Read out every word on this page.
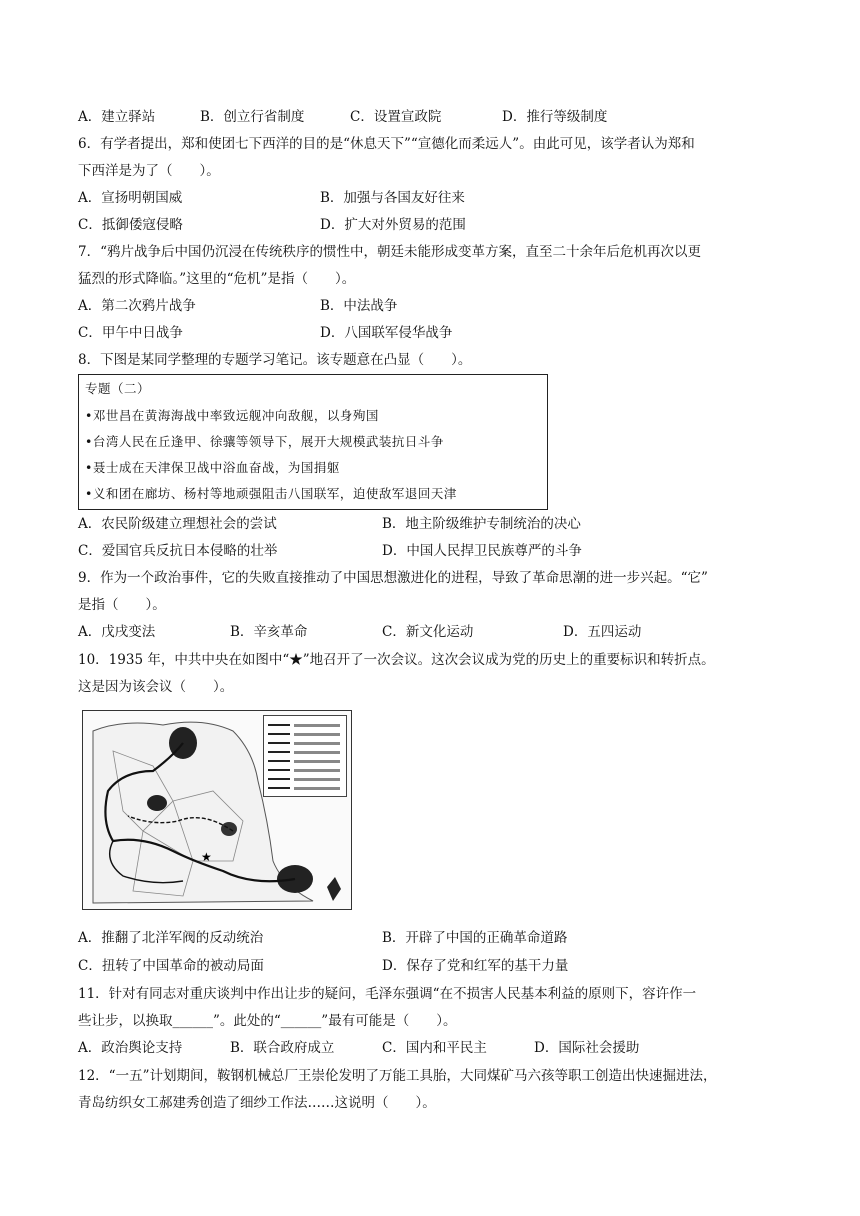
A．建立驿站	B．创立行省制度	C．设置宣政院	D．推行等级制度
6．有学者提出，郑和使团七下西洋的目的是“休息天下”“宣德化而柔远人”。由此可见，该学者认为郑和
下西洋是为了（　　）。
A．宣扬明朝国威	B．加强与各国友好往来
C．抵御倭寇侵略	D．扩大对外贸易的范围
7．“鸦片战争后中国仍沉浸在传统秩序的惯性中，朝廷未能形成变革方案，直至二十余年后危机再次以更
猛烈的形式降临。”这里的“危机”是指（　　）。
A．第二次鸦片战争	B．中法战争
C．甲午中日战争	D．八国联军侵华战争
8．下图是某同学整理的专题学习笔记。该专题意在凸显（　　）。
专题（二）
•邓世昌在黄海海战中率致远舰冲向敌舰，以身殉国
•台湾人民在丘逢甲、徐骧等领导下，展开大规模武装抗日斗争
•聂士成在天津保卫战中浴血奋战，为国捐躯
•义和团在廊坊、杨村等地顽强阻击八国联军，迫使敌军退回天津
A．农民阶级建立理想社会的尝试	B．地主阶级维护专制统治的决心
C．爱国官兵反抗日本侵略的壮举	D．中国人民捍卫民族尊严的斗争
9．作为一个政治事件，它的失败直接推动了中国思想激进化的进程，导致了革命思潮的进一步兴起。“它”
是指（　　）。
A．戊戌变法	B．辛亥革命	C．新文化运动	D．五四运动
10．1935 年，中共中央在如图中“★”地召开了一次会议。这次会议成为党的历史上的重要标识和转折点。
这是因为该会议（　　）。
★
A．推翻了北洋军阀的反动统治	B．开辟了中国的正确革命道路
C．扭转了中国革命的被动局面	D．保存了党和红军的基干力量
11．针对有同志对重庆谈判中作出让步的疑问，毛泽东强调“在不损害人民基本利益的原则下，容许作一
些让步，以换取______”。此处的“______”最有可能是（　　）。
A．政治舆论支持	B．联合政府成立	C．国内和平民主	D．国际社会援助
12．“一五”计划期间，鞍钢机械总厂王崇伦发明了万能工具胎，大同煤矿马六孩等职工创造出快速掘进法，
青岛纺织女工郝建秀创造了细纱工作法……这说明（　　）。
